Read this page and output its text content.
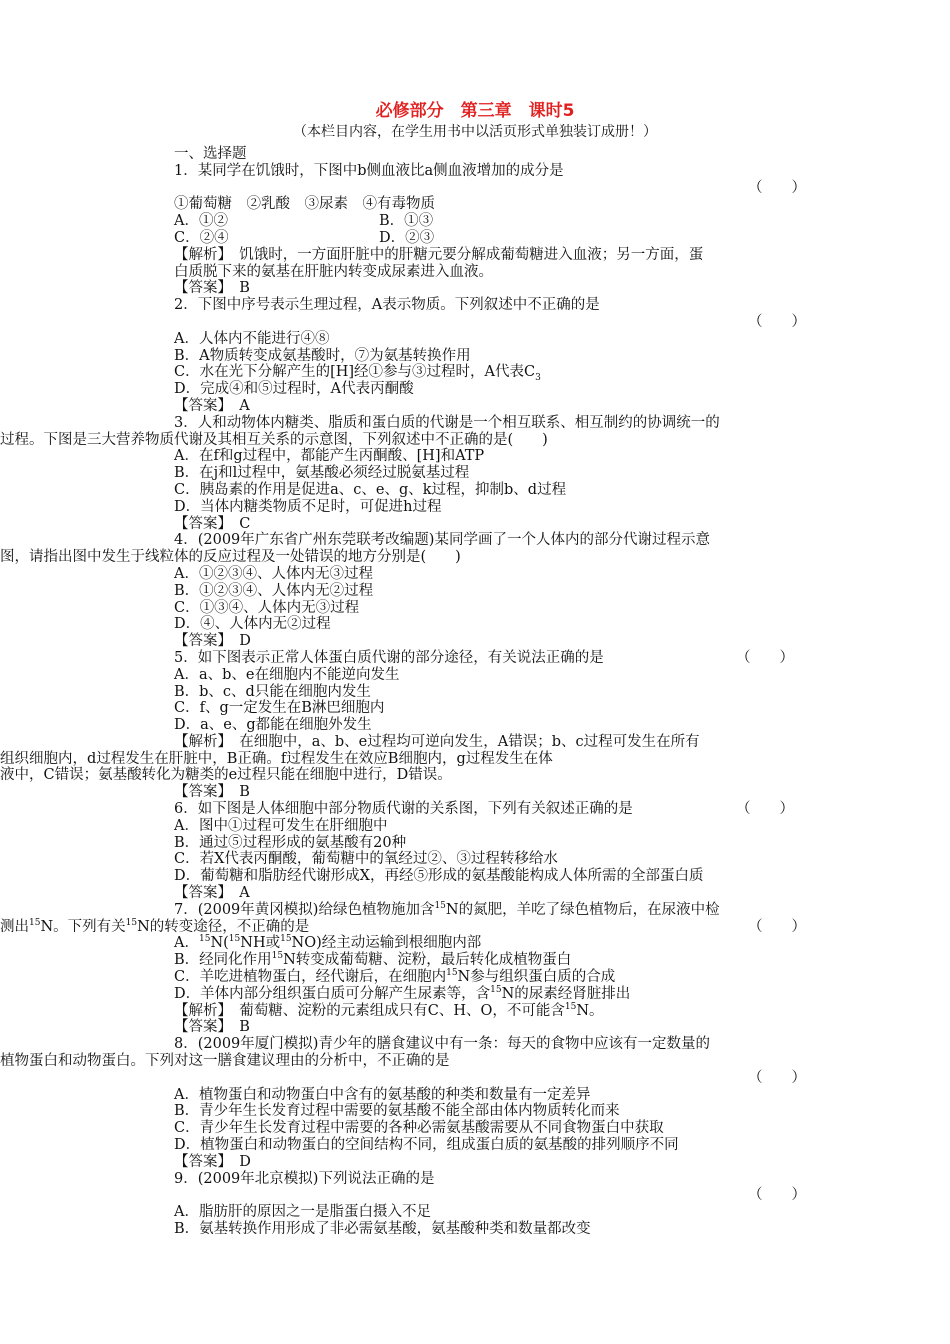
必修部分　第三章　课时5
（本栏目内容，在学生用书中以活页形式单独装订成册！）
一、选择题
1．某同学在饥饿时，下图中b侧血液比a侧血液增加的成分是
（　　）
①葡萄糖　②乳酸　③尿素　④有毒物质
A．①②	B．①③
C．②④	D．②③
【解析】　饥饿时，一方面肝脏中的肝糖元要分解成葡萄糖进入血液；另一方面，蛋
白质脱下来的氨基在肝脏内转变成尿素进入血液。
【答案】　B
2．下图中序号表示生理过程，A表示物质。下列叙述中不正确的是
（　　）
A．人体内不能进行④⑧
B．A物质转变成氨基酸时，⑦为氨基转换作用
C．水在光下分解产生的[H]经①参与③过程时，A代表$C_3$
D．完成④和⑤过程时，A代表丙酮酸
【答案】　A
3．人和动物体内糖类、脂质和蛋白质的代谢是一个相互联系、相互制约的协调统一的
过程。下图是三大营养物质代谢及其相互关系的示意图，下列叙述中不正确的是(　　)
A．在f和g过程中，都能产生丙酮酸、[H]和ATP
B．在j和l过程中，氨基酸必须经过脱氨基过程
C．胰岛素的作用是促进a、c、e、g、k过程，抑制b、d过程
D．当体内糖类物质不足时，可促进h过程
【答案】　C
4．(2009年广东省广州东莞联考改编题)某同学画了一个人体内的部分代谢过程示意
图，请指出图中发生于线粒体的反应过程及一处错误的地方分别是(　　)
A．①②③④、人体内无③过程
B．①②③④、人体内无②过程
C．①③④、人体内无③过程
D．④、人体内无②过程
【答案】　D
5．如下图表示正常人体蛋白质代谢的部分途径，有关说法正确的是	（　　）
A．a、b、e在细胞内不能逆向发生
B．b、c、d只能在细胞内发生
C．f、g一定发生在B淋巴细胞内
D．a、e、g都能在细胞外发生
【解析】　在细胞中，a、b、e过程均可逆向发生，A错误；b、c过程可发生在所有
组织细胞内，d过程发生在肝脏中，B正确。f过程发生在效应B细胞内，g过程发生在体
液中，C错误；氨基酸转化为糖类的e过程只能在细胞中进行，D错误。
【答案】　B
6．如下图是人体细胞中部分物质代谢的关系图，下列有关叙述正确的是	（　　）
A．图中①过程可发生在肝细胞中
B．通过⑤过程形成的氨基酸有20种
C．若X代表丙酮酸，葡萄糖中的氧经过②、③过程转移给水
D．葡萄糖和脂肪经代谢形成X，再经⑤形成的氨基酸能构成人体所需的全部蛋白质
【答案】　A
7．(2009年黄冈模拟)给绿色植物施加含$^{15}$N的氮肥，羊吃了绿色植物后，在尿液中检
测出$^{15}$N。下列有关$^{15}$N的转变途径，不正确的是	（　　）
A．$^{15}$N($^{15}$NH或$^{15}$NO)经主动运输到根细胞内部
B．经同化作用$^{15}$N转变成葡萄糖、淀粉，最后转化成植物蛋白
C．羊吃进植物蛋白，经代谢后，在细胞内$^{15}$N参与组织蛋白质的合成
D．羊体内部分组织蛋白质可分解产生尿素等，含$^{15}$N的尿素经肾脏排出
【解析】　葡萄糖、淀粉的元素组成只有C、H、O，不可能含$^{15}$N。
【答案】　B
8．(2009年厦门模拟)青少年的膳食建议中有一条：每天的食物中应该有一定数量的
植物蛋白和动物蛋白。下列对这一膳食建议理由的分析中，不正确的是
（　　）
A．植物蛋白和动物蛋白中含有的氨基酸的种类和数量有一定差异
B．青少年生长发育过程中需要的氨基酸不能全部由体内物质转化而来
C．青少年生长发育过程中需要的各种必需氨基酸需要从不同食物蛋白中获取
D．植物蛋白和动物蛋白的空间结构不同，组成蛋白质的氨基酸的排列顺序不同
【答案】　D
9．(2009年北京模拟)下列说法正确的是
（　　）
A．脂肪肝的原因之一是脂蛋白摄入不足
B．氨基转换作用形成了非必需氨基酸，氨基酸种类和数量都改变
